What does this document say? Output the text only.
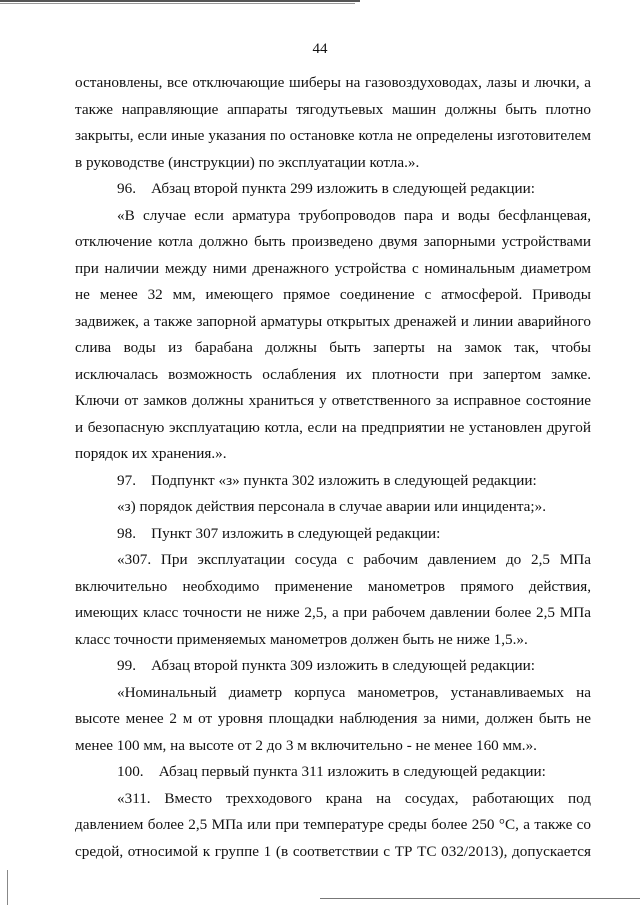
44

остановлены, все отключающие шиберы на газовоздуховодах, лазы и лючки, а также направляющие аппараты тягодутьевых машин должны быть плотно закрыты, если иные указания по остановке котла не определены изготовителем в руководстве (инструкции) по эксплуатации котла.».

96. Абзац второй пункта 299 изложить в следующей редакции:

«В случае если арматура трубопроводов пара и воды бесфланцевая, отключение котла должно быть произведено двумя запорными устройствами при наличии между ними дренажного устройства с номинальным диаметром не менее 32 мм, имеющего прямое соединение с атмосферой. Приводы задвижек, а также запорной арматуры открытых дренажей и линии аварийного слива воды из барабана должны быть заперты на замок так, чтобы исключалась возможность ослабления их плотности при запертом замке. Ключи от замков должны храниться у ответственного за исправное состояние и безопасную эксплуатацию котла, если на предприятии не установлен другой порядок их хранения.».

97. Подпункт «з» пункта 302 изложить в следующей редакции:

«з) порядок действия персонала в случае аварии или инцидента;».

98. Пункт 307 изложить в следующей редакции:

«307. При эксплуатации сосуда с рабочим давлением до 2,5 МПа включительно необходимо применение манометров прямого действия, имеющих класс точности не ниже 2,5, а при рабочем давлении более 2,5 МПа класс точности применяемых манометров должен быть не ниже 1,5.».

99. Абзац второй пункта 309 изложить в следующей редакции:

«Номинальный диаметр корпуса манометров, устанавливаемых на высоте менее 2 м от уровня площадки наблюдения за ними, должен быть не менее 100 мм, на высоте от 2 до 3 м включительно - не менее 160 мм.».

100. Абзац первый пункта 311 изложить в следующей редакции:

«311. Вместо трехходового крана на сосудах, работающих под давлением более 2,5 МПа или при температуре среды более 250 °С, а также со средой, относимой к группе 1 (в соответствии с ТР ТС 032/2013), допускается
